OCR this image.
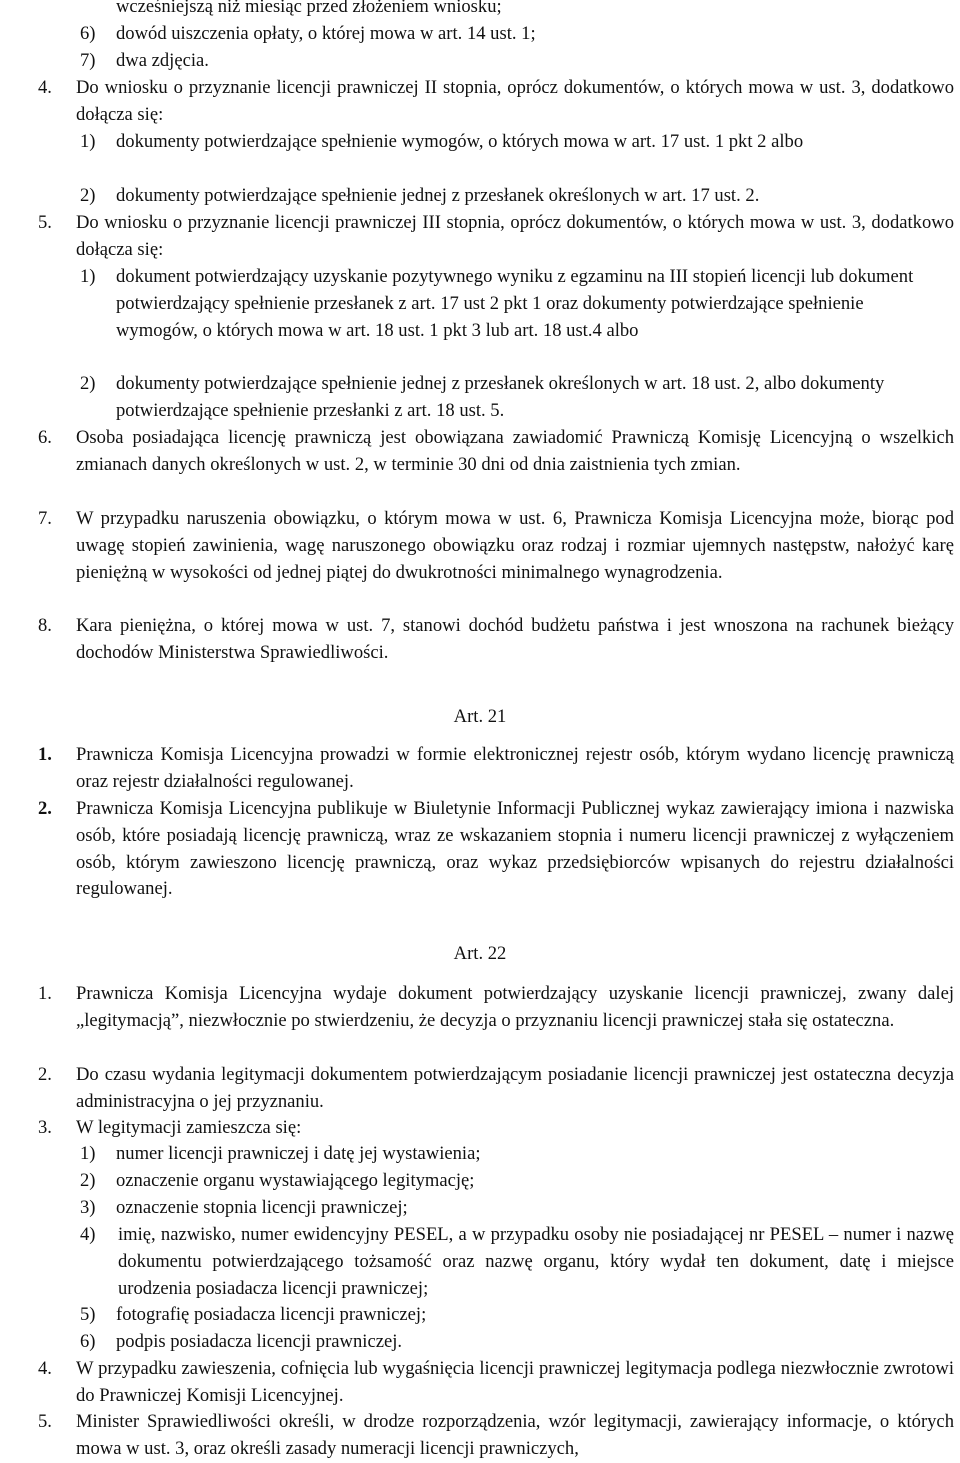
wcześniejszą niż miesiąc przed złożeniem wniosku;
6)	dowód uiszczenia opłaty, o której mowa w art. 14 ust. 1;
7)	dwa zdjęcia.
4.	Do wniosku o przyznanie licencji prawniczej II stopnia, oprócz dokumentów, o których mowa w ust. 3, dodatkowo dołącza się:
1)	dokumenty potwierdzające spełnienie wymogów, o których mowa w art. 17 ust. 1 pkt 2 albo
2)	dokumenty potwierdzające spełnienie jednej z przesłanek określonych w art. 17 ust. 2.
5.	Do wniosku o przyznanie licencji prawniczej III stopnia, oprócz dokumentów, o których mowa w ust. 3, dodatkowo dołącza się:
1)	dokument potwierdzający uzyskanie pozytywnego wyniku z egzaminu na III stopień licencji lub dokument potwierdzający spełnienie przesłanek z art. 17 ust 2 pkt 1 oraz dokumenty potwierdzające spełnienie wymogów, o których mowa w art. 18 ust. 1 pkt 3 lub art. 18 ust.4 albo
2)	dokumenty potwierdzające spełnienie jednej z przesłanek określonych w art. 18 ust. 2, albo dokumenty potwierdzające spełnienie przesłanki z art. 18 ust. 5.
6.	Osoba posiadająca licencję prawniczą jest obowiązana zawiadomić Prawniczą Komisję Licencyjną o wszelkich zmianach danych określonych w ust. 2, w terminie 30 dni od dnia zaistnienia tych zmian.
7.	W przypadku naruszenia obowiązku, o którym mowa w ust. 6, Prawnicza Komisja Licencyjna może, biorąc pod uwagę stopień zawinienia, wagę naruszonego obowiązku oraz rodzaj i rozmiar ujemnych następstw, nałożyć karę pieniężną w wysokości od jednej piątej do dwukrotności minimalnego wynagrodzenia.
8.	Kara pieniężna, o której mowa w ust. 7, stanowi dochód budżetu państwa i jest wnoszona na rachunek bieżący dochodów Ministerstwa Sprawiedliwości.
Art. 21
1.	Prawnicza Komisja Licencyjna prowadzi w formie elektronicznej rejestr osób, którym wydano licencję prawniczą oraz rejestr działalności regulowanej.
2.	Prawnicza Komisja Licencyjna publikuje w Biuletynie Informacji Publicznej wykaz zawierający imiona i nazwiska osób, które posiadają licencję prawniczą, wraz ze wskazaniem stopnia i numeru licencji prawniczej z wyłączeniem osób, którym zawieszono licencję prawniczą, oraz wykaz przedsiębiorców wpisanych do rejestru działalności regulowanej.
Art. 22
1.	Prawnicza Komisja Licencyjna wydaje dokument potwierdzający uzyskanie licencji prawniczej, zwany dalej „legitymacją”, niezwłocznie po stwierdzeniu, że decyzja o przyznaniu licencji prawniczej stała się ostateczna.
2.	Do czasu wydania legitymacji dokumentem potwierdzającym posiadanie licencji prawniczej jest ostateczna decyzja administracyjna o jej przyznaniu.
3.	W legitymacji zamieszcza się:
1)	numer licencji prawniczej i datę jej wystawienia;
2)	oznaczenie organu wystawiającego legitymację;
3)	oznaczenie stopnia licencji prawniczej;
4)	imię, nazwisko, numer ewidencyjny PESEL, a w przypadku osoby nie posiadającej nr PESEL – numer i nazwę dokumentu potwierdzającego tożsamość oraz nazwę organu, który wydał ten dokument, datę i miejsce urodzenia posiadacza licencji prawniczej;
5)	fotografię posiadacza licencji prawniczej;
6)	podpis posiadacza licencji prawniczej.
4.	W przypadku zawieszenia, cofnięcia lub wygaśnięcia licencji prawniczej legitymacja podlega niezwłocznie zwrotowi do Prawniczej Komisji Licencyjnej.
5.	Minister Sprawiedliwości określi, w drodze rozporządzenia, wzór legitymacji, zawierający informacje, o których mowa w ust. 3, oraz określi zasady numeracji licencji prawniczych,
